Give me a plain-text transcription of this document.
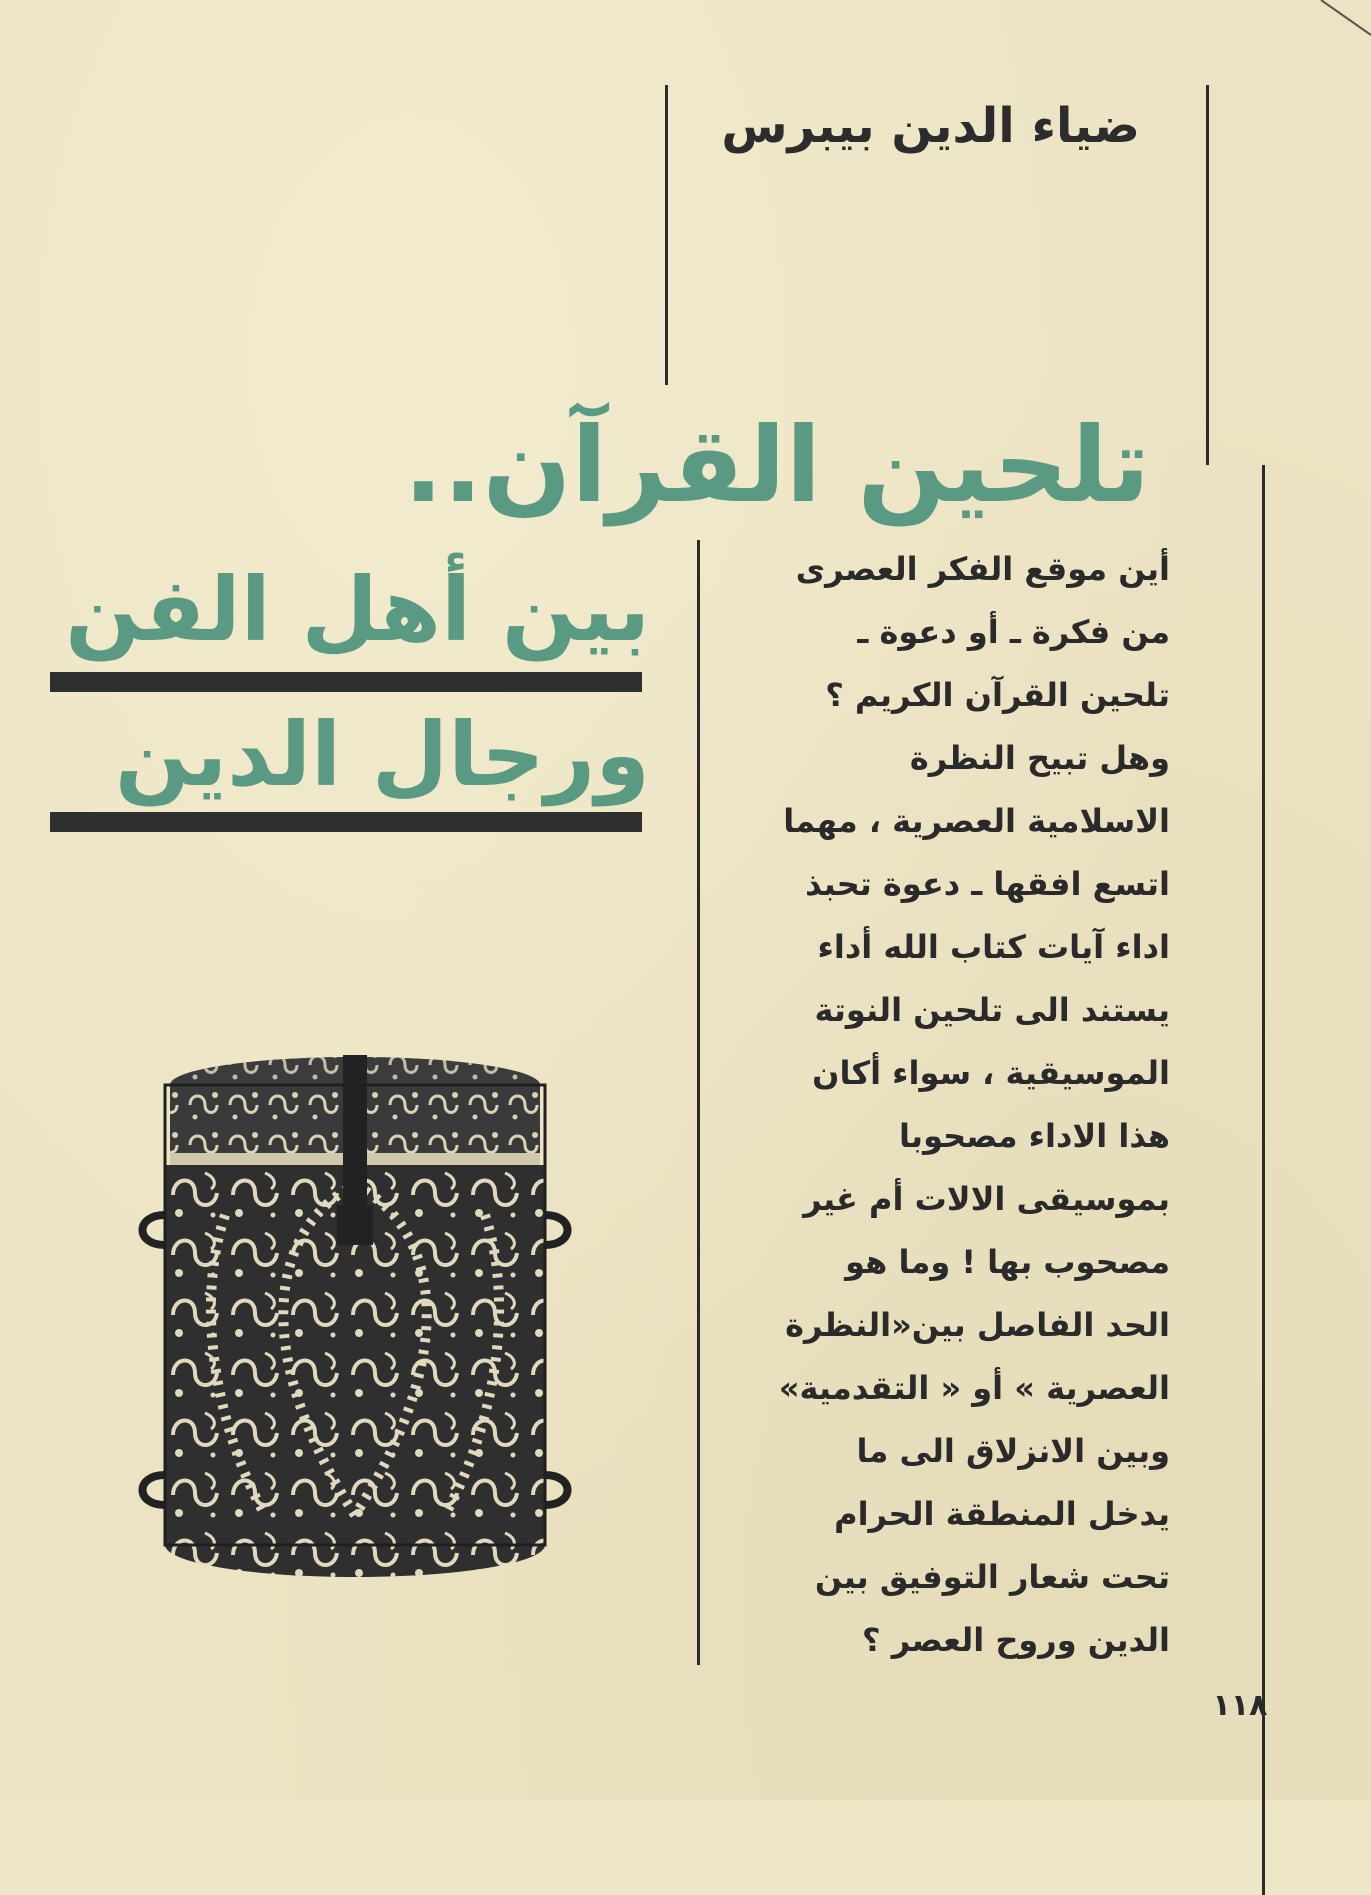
ضياء الدين بيبرس
تلحين القرآن..
بين أهل الفن
ورجال الدين
أين موقع الفكر العصرى
من فكرة ـ أو دعوة ـ
تلحين القرآن الكريم ؟
وهل تبيح النظرة
الاسلامية العصرية ، مهما
اتسع افقها ـ دعوة تحبذ
اداء آيات كتاب الله أداء
يستند الى تلحين النوتة
الموسيقية ، سواء أكان
هذا الاداء مصحوبا
بموسيقى الالات أم غير
مصحوب بها ! وما هو
الحد الفاصل بين«النظرة
العصرية » أو « التقدمية»
وبين الانزلاق الى ما
يدخل المنطقة الحرام
تحت شعار التوفيق بين
الدين وروح العصر ؟
١١٨
